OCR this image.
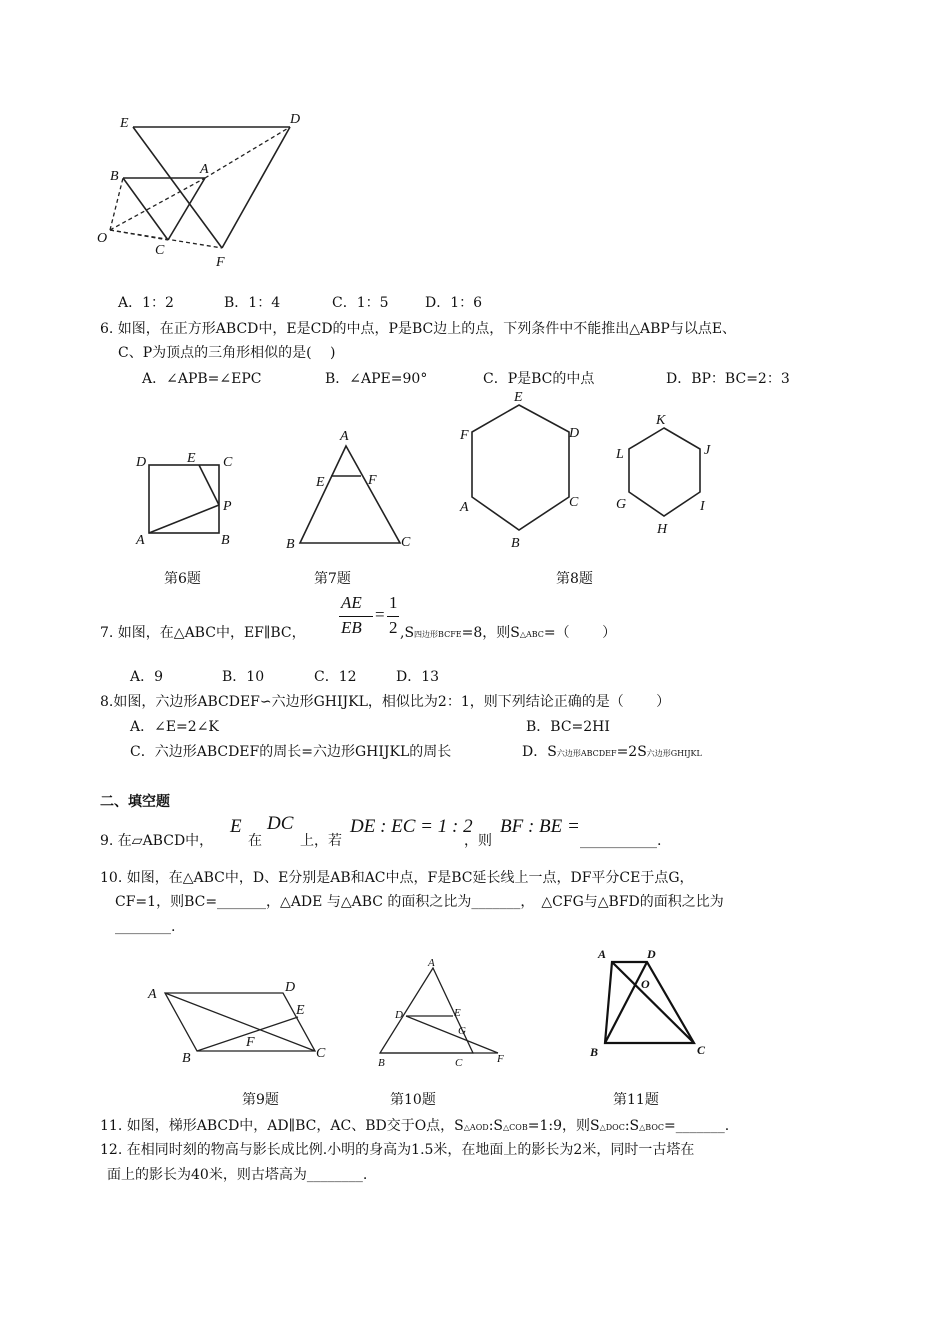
E	D
B	A
O
C
F
A．1：2	B．1：4	C．1：5	D．1：6
6. 如图，在正方形ABCD中，E是CD的中点，P是BC边上的点，下列条件中不能推出△ABP与以点E、
C、P为顶点的三角形相似的是(　 )
A．∠APB=∠EPC	B．∠APE=90°	C．P是BC的中点	D．BP：BC=2：3
D	E C
P
A	B
A
E	F
B	C
E
F	D
A	C
B
K
L	J
G	I
H
第6题	第7题	第8题
7. 如图，在△ABC中，EF∥BC，
AE
EB
=
1
2 ,S四边形BCFE=8，则S△ABC=（　　 ）
A．9	B．10	C．12	D．13
8.如图，六边形ABCDEF∽六边形GHIJKL，相似比为2：1，则下列结论正确的是（　　 ）
A．∠E=2∠K	B．BC=2HI
C．六边形ABCDEF的周长=六边形GHIJKL的周长	D．S六边形ABCDEF=2S六边形GHIJKL
二、填空题
9. 在▱ABCD中，
E
在
DC
上，若
DE : EC = 1 : 2
，则
BF : BE =
___________.
10. 如图，在△ABC中，D、E分别是AB和AC中点，F是BC延长线上一点，DF平分CE于点G，
CF=1，则BC=_______，△ADE 与△ABC 的面积之比为_______，　△CFG与△BFD的面积之比为
________.
A	D
E
F
B	C
A
D	E
G
B	C	F
A	D
O
B	C
第9题	第10题	第11题
11. 如图，梯形ABCD中，AD∥BC，AC、BD交于O点，S△AOD:S△COB=1:9，则S△DOC:S△BOC=_______.
12. 在相同时刻的物高与影长成比例.小明的身高为1.5米，在地面上的影长为2米，同时一古塔在
面上的影长为40米，则古塔高为________.
